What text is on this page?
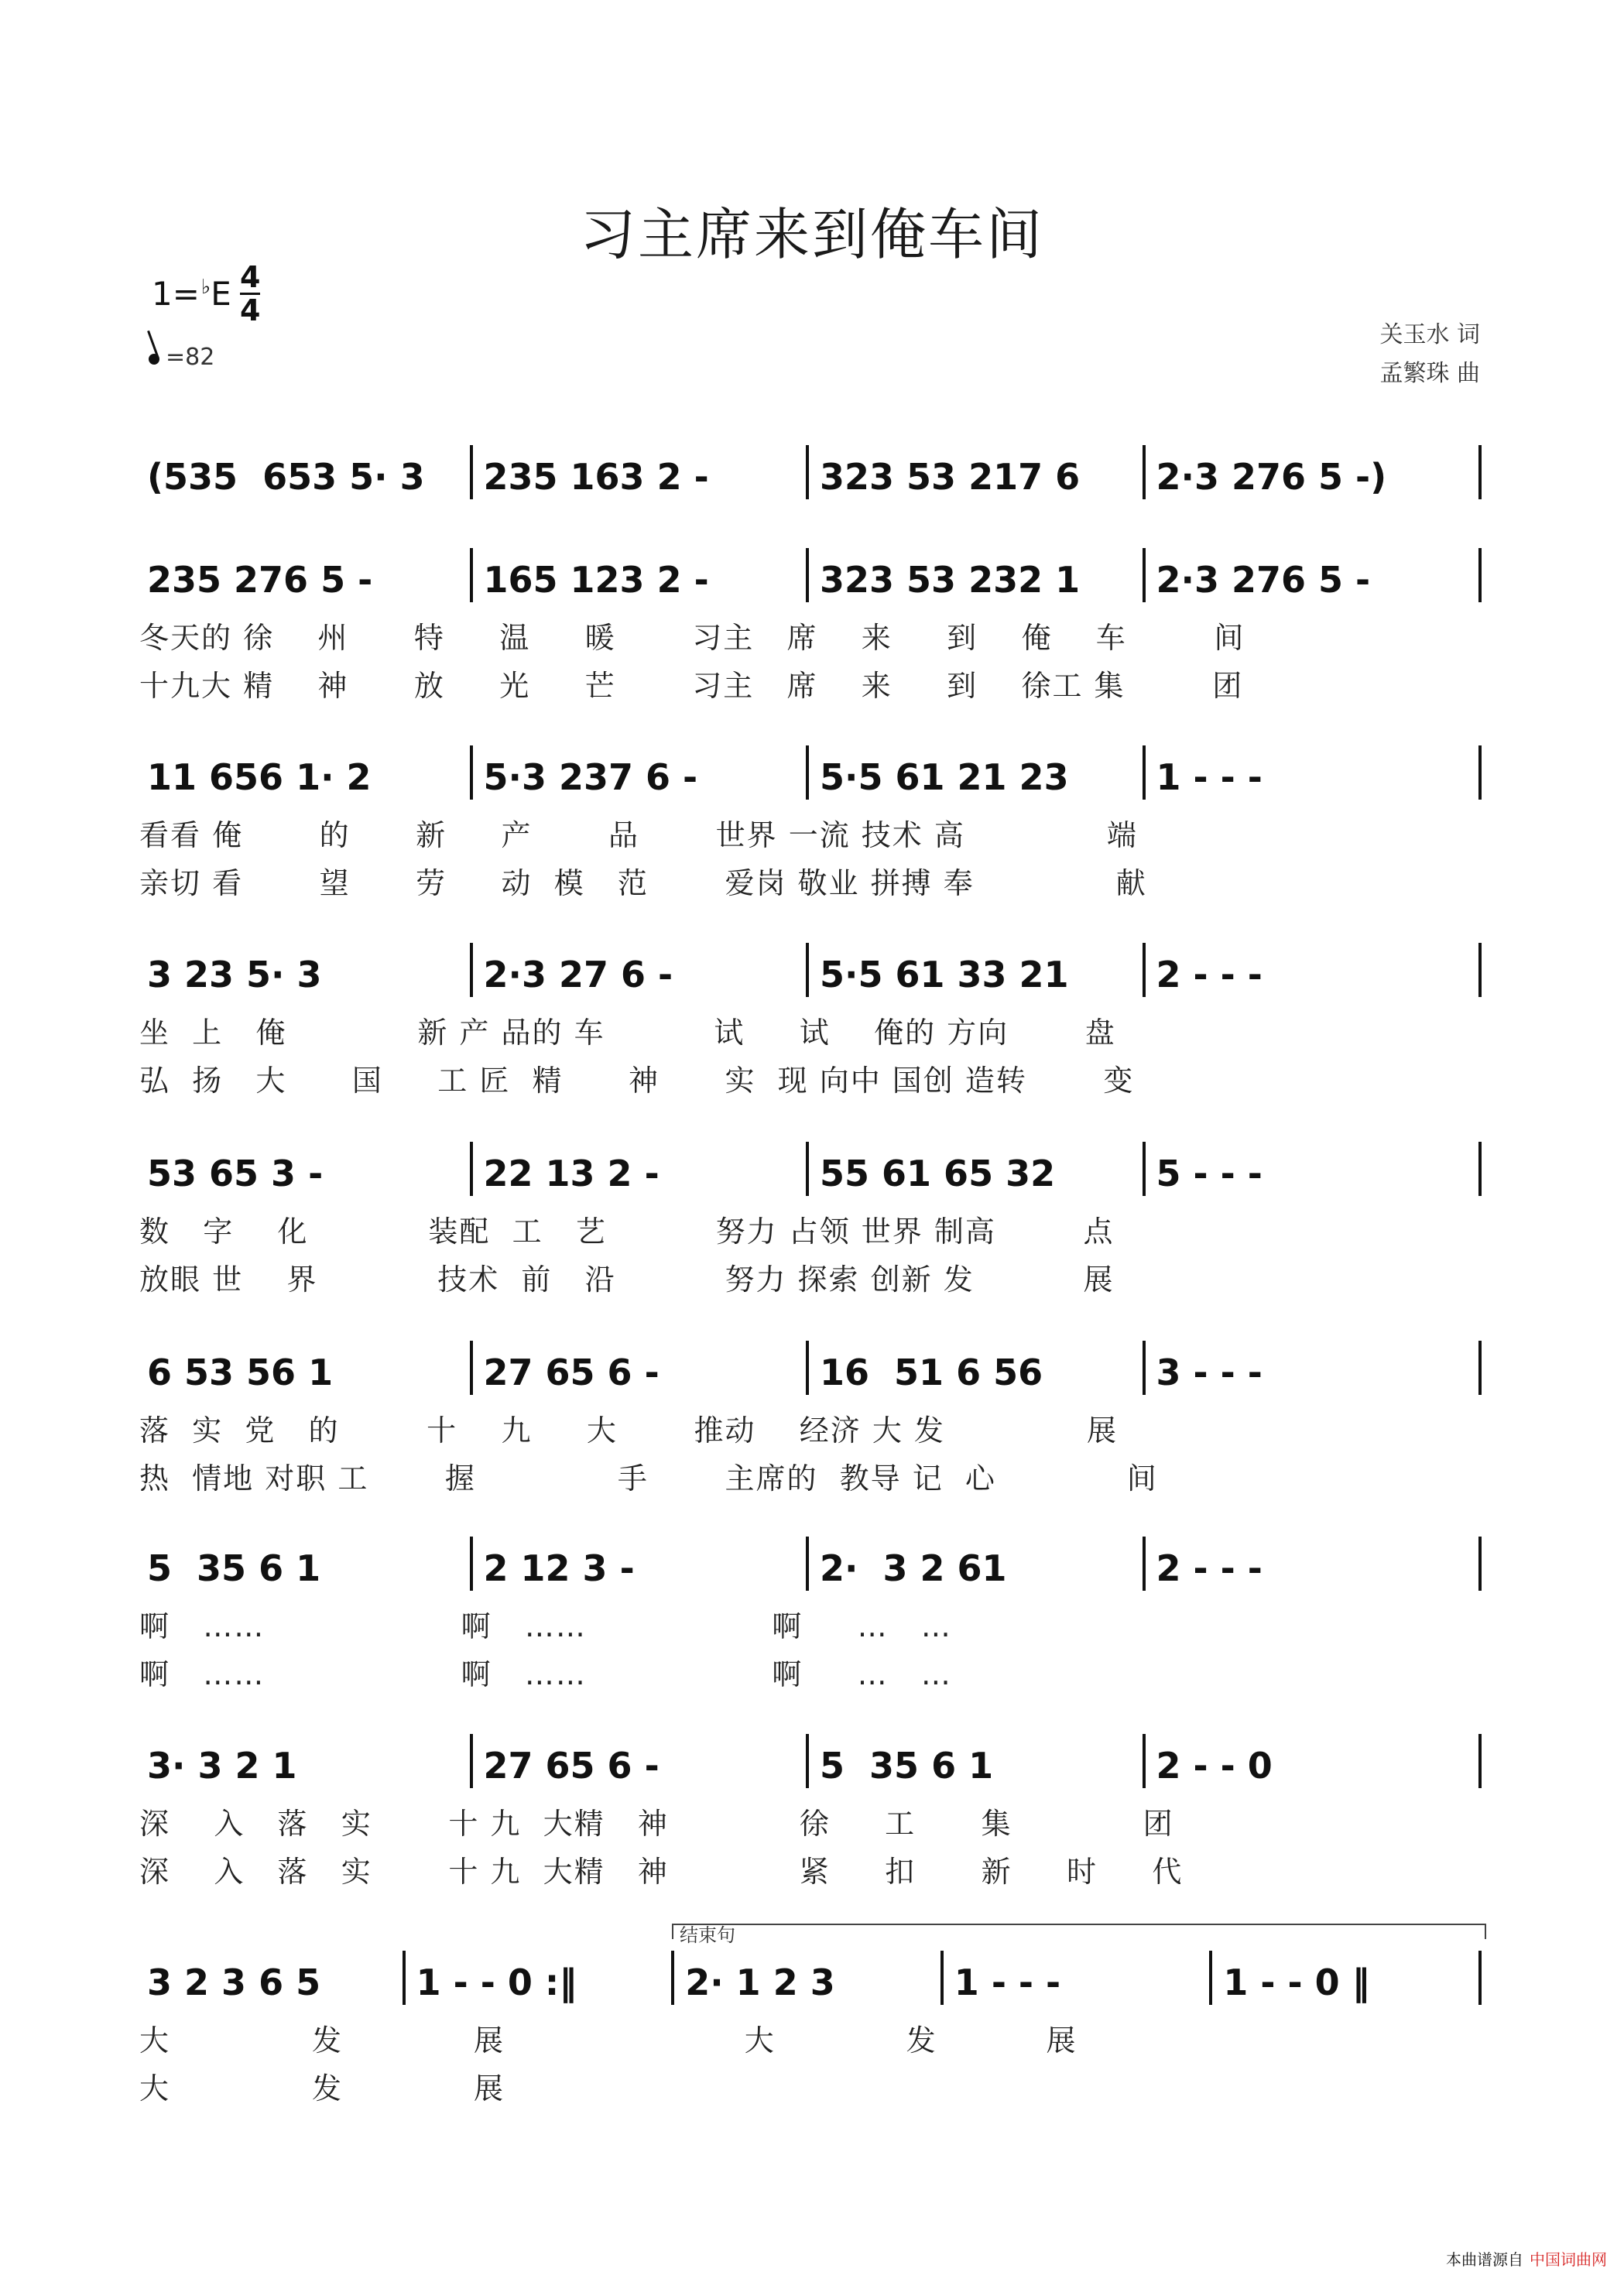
习主席来到俺车间
$1=^♭E \frac{4}{4}$
=82
关玉水 词
孟繁珠 曲
(535  653 5· 3	235 163 2 -	323 53 217 6	2·3 276 5 -)
235 276 5 -	165 123 2 -	323 53 232 1	2·3 276 5 -
冬天的 徐    州      特     温     暖       习主   席    来     到    俺    车        间
十九大 精    神      放     光     芒       习主   席    来     到    徐工 集        团
11 656 1· 2	5·3 237 6 -	5·5 61 21 23	1 - - -
看看 俺       的      新     产       品       世界 一流 技术 高             端
亲切 看       望      劳     动  模   范       爱岗 敬业 拼搏 奉             献
3 23 5· 3	2·3 27 6 -	5·5 61 33 21	2 - - -
坐  上   俺            新 产 品的 车          试     试    俺的 方向       盘
弘  扬   大      国     工 匠  精      神      实  现 向中 国创 造转       变
53 65 3 -	22 13 2 -	55 61 65 32	5 - - -
数   字    化           装配  工   艺          努力 占领 世界 制高        点
放眼 世    界           技术  前   沿          努力 探索 创新 发          展
6 53 56 1	27 65 6 -	16  51 6 56	3 - - -
落  实  党   的        十    九     大       推动    经济 大 发             展
热  情地 对职 工       握             手       主席的  教导 记  心            间
5  35 6 1	2 12 3 -	2·  3 2 61	2 - - -
啊   ……                  啊   ……                 啊     …   …
啊   ……                  啊   ……                 啊     …   …
3· 3 2 1	27 65 6 -	5  35 6 1	2 - - 0
深    入   落   实       十 九  大精   神            徐     工      集            团
深    入   落   实       十 九  大精   神            紧     扣      新     时     代
3 2 3 6 5	1 - - 0 :‖	2· 1 2 3	1 - - -	1 - - 0 ‖
大             发            展                      大            发          展
大             发            展
结束句
本曲谱源自 中国词曲网
